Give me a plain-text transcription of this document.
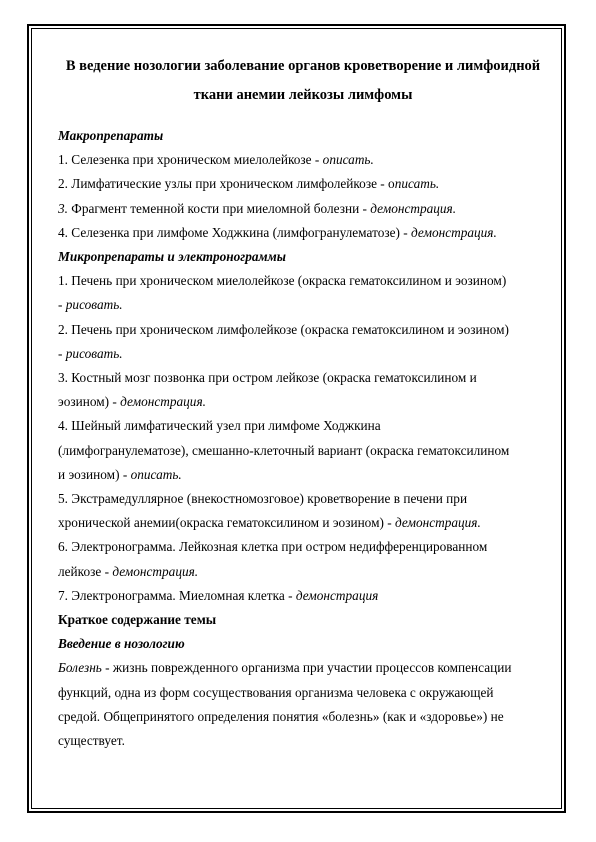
В ведение нозологии заболевание органов кроветворение и лимфоидной ткани анемии лейкозы лимфомы

Макропрепараты

1. Селезенка при хроническом миелолейкозе - описать.

2. Лимфатические узлы при хроническом лимфолейкозе - описать.

3. Фрагмент теменной кости при миеломной болезни - демонстрация.

4. Селезенка при лимфоме Ходжкина (лимфогранулематозе) - демонстрация.

Микропрепараты и электронограммы

1. Печень при хроническом миелолейкозе (окраска гематоксилином и эозином)

- рисовать.

2. Печень при хроническом лимфолейкозе (окраска гематоксилином и эозином)

- рисовать.

3. Костный мозг позвонка при остром лейкозе (окраска гематоксилином и

эозином) - демонстрация.

4. Шейный лимфатический узел при лимфоме Ходжкина

(лимфогранулематозе), смешанно-клеточный вариант (окраска гематоксилином

и эозином) - описать.

5. Экстрамедуллярное (внекостномозговое) кроветворение в печени при

хронической анемии(окраска гематоксилином и эозином) - демонстрация.

6. Электронограмма. Лейкозная клетка при остром недифференцированном

лейкозе - демонстрация.

7. Электронограмма. Миеломная клетка - демонстрация

Краткое содержание темы

Введение в нозологию

Болезнь - жизнь поврежденного организма при участии процессов компенсации

функций, одна из форм сосуществования организма человека с окружающей

средой. Общепринятого определения понятия «болезнь» (как и «здоровье») не

существует.
